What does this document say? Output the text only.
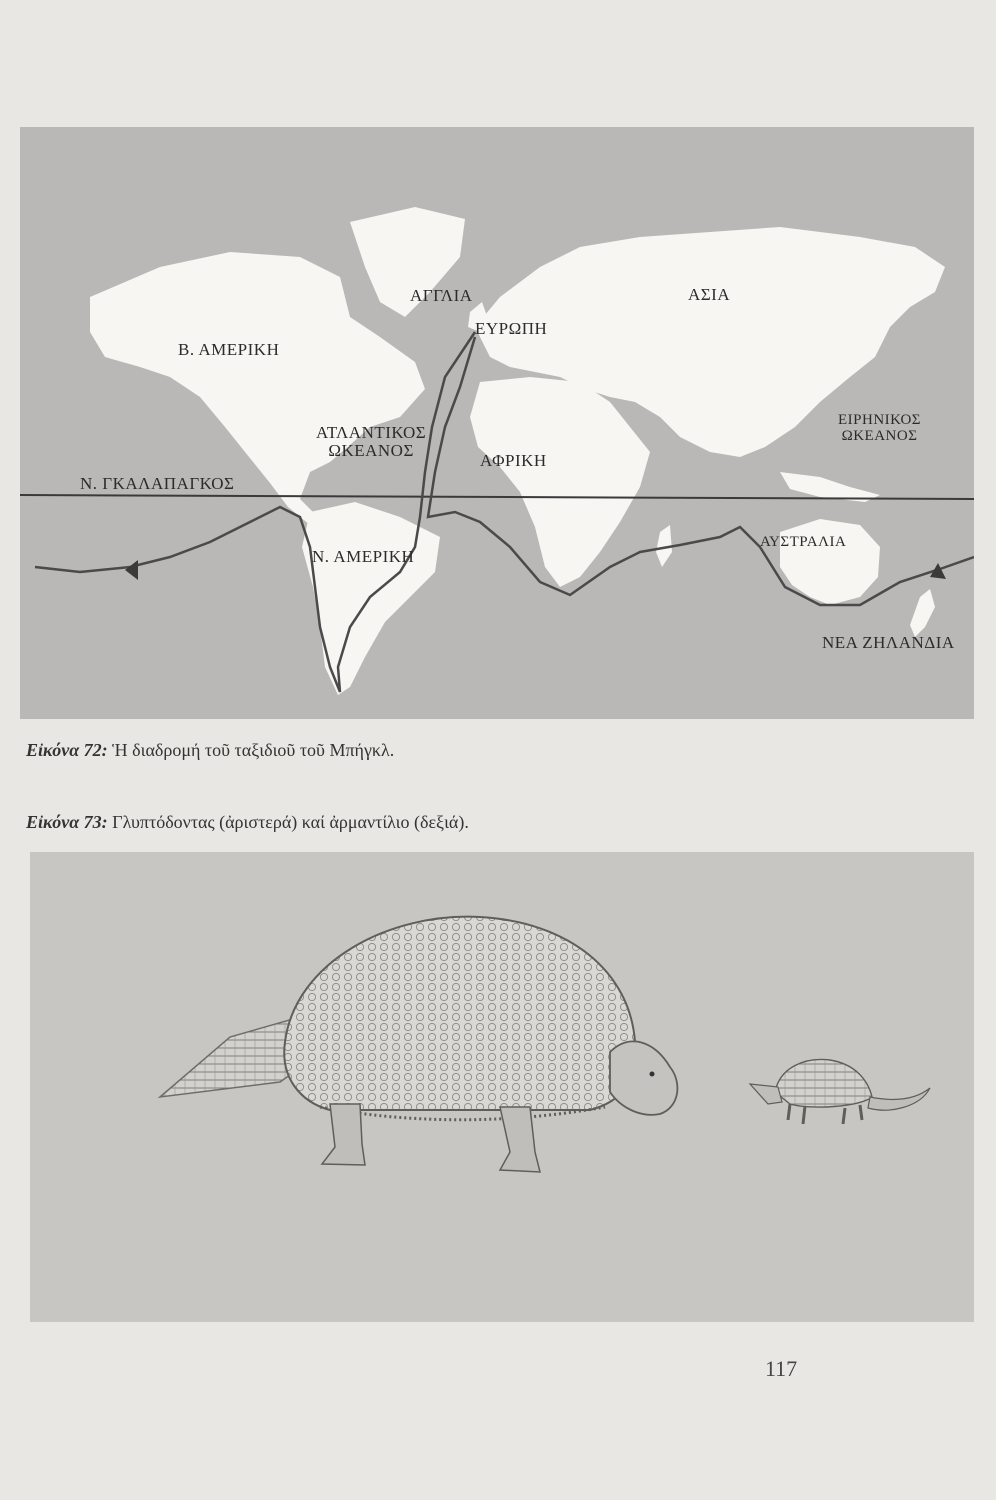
ΑΓΓΛΙΑ
ΕΥΡΩΠΗ
ΑΣΙΑ
Β. ΑΜΕΡΙΚΗ
ΑΤΛΑΝΤΙΚΟΣ
ΩΚΕΑΝΟΣ
ΑΦΡΙΚΗ
ΕΙΡΗΝΙΚΟΣ
ΩΚΕΑΝΟΣ
Ν. ΓΚΑΛΑΠΑΓΚΟΣ
Ν. ΑΜΕΡΙΚΗ
ΑΥΣΤΡΑΛΙΑ
ΝΕΑ ΖΗΛΑΝΔΙΑ
Εἰκόνα 72: Ἡ διαδρομή τοῦ ταξιδιοῦ τοῦ Μπήγκλ.
Εἰκόνα 73: Γλυπτόδοντας (ἀριστερά) καί ἀρμαντίλιο (δεξιά).
117
